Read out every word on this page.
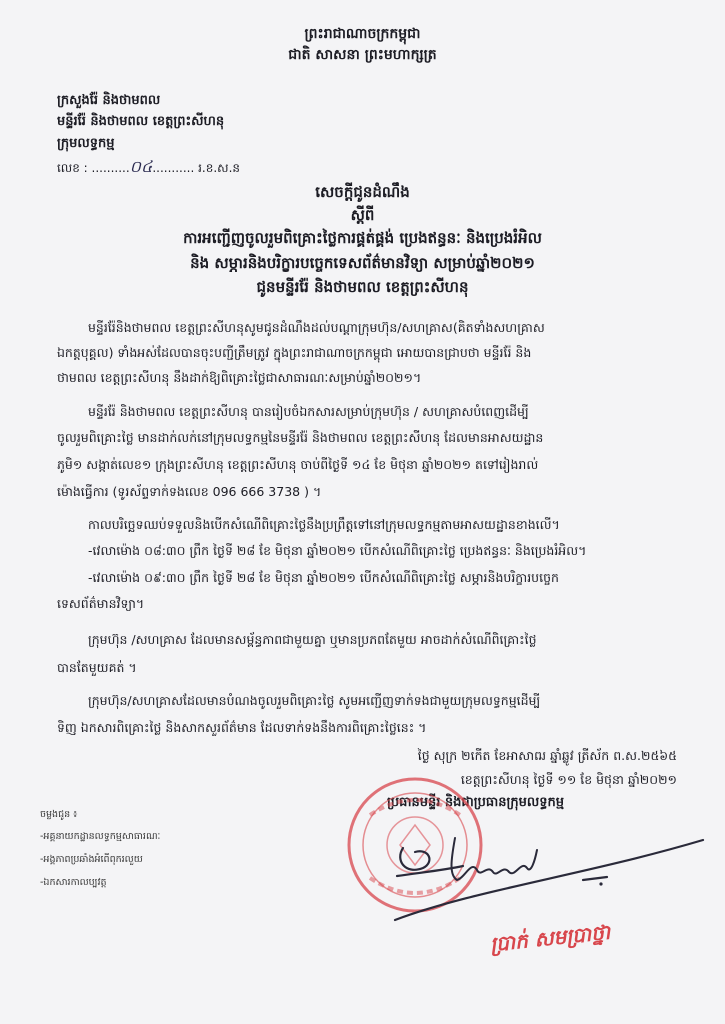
ព្រះរាជាណាចក្រកម្ពុជា
ជាតិ សាសនា ព្រះមហាក្សត្រ
ក្រសួងរ៉ែ និងថាមពល
មន្ទីររ៉ែ និងថាមពល ខេត្តព្រះសីហនុ
ក្រុមលទ្ធកម្ម
លេខ : ..........០៤........... រ.ខ.ស.ន
សេចក្តីជូនដំណឹង
ស្តីពី
ការអញ្ជើញចូលរួមពិគ្រោះថ្លៃការផ្គត់ផ្គង់ ប្រេងឥន្ធនៈ និងប្រេងរំអិល
និង សម្ភារនិងបរិក្ខារបច្ចេកទេសព័ត៌មានវិទ្យា សម្រាប់ឆ្នាំ២០២១
ជូនមន្ទីររ៉ែ និងថាមពល ខេត្តព្រះសីហនុ
មន្ទីររ៉ែនិងថាមពល ខេត្តព្រះសីហនុសូមជូនដំណឹងដល់បណ្តាក្រុមហ៊ុន/សហគ្រាស(គិតទាំងសហគ្រាស
ឯកត្តបុគ្គល) ទាំងអស់ដែលបានចុះបញ្ជីត្រឹមត្រូវ ក្នុងព្រះរាជាណាចក្រកម្ពុជា អោយបានជ្រាបថា មន្ទីររ៉ែ និង
ថាមពល ខេត្តព្រះសីហនុ នឹងដាក់ឱ្យពិគ្រោះថ្លៃជាសាធារណៈសម្រាប់ឆ្នាំ២០២១។
មន្ទីររ៉ែ និងថាមពល ខេត្តព្រះសីហនុ បានរៀបចំឯកសារសម្រាប់ក្រុមហ៊ុន / សហគ្រាសបំពេញដើម្បី
ចូលរួមពិគ្រោះថ្លៃ មានដាក់លក់នៅក្រុមលទ្ធកម្មនៃមន្ទីររ៉ែ និងថាមពល ខេត្តព្រះសីហនុ ដែលមានអាសយដ្ឋាន
ភូមិ១ សង្កាត់លេខ១ ក្រុងព្រះសីហនុ ខេត្តព្រះសីហនុ ចាប់ពីថ្ងៃទី ១៤ ខែ មិថុនា ឆ្នាំ២០២១ តទៅរៀងរាល់
ម៉ោងធ្វើការ (ទូរស័ព្ទទាក់ទងលេខ 096 666 3738 ) ។
កាលបរិច្ឆេទឈប់ទទួលនិងបើកសំណើពិគ្រោះថ្លៃនឹងប្រព្រឹត្តទៅនៅក្រុមលទ្ធកម្មតាមអាសយដ្ឋានខាងលើ។
-វេលាម៉ោង ០៨:៣០ ព្រឹក ថ្ងៃទី ២៨ ខែ មិថុនា ឆ្នាំ២០២១ បើកសំណើពិគ្រោះថ្លៃ ប្រេងឥន្ធនៈ និងប្រេងរំអិល។
-វេលាម៉ោង ០៩:៣០ ព្រឹក ថ្ងៃទី ២៨ ខែ មិថុនា ឆ្នាំ២០២១ បើកសំណើពិគ្រោះថ្លៃ សម្ភារនិងបរិក្ខារបច្ចេក
ទេសព័ត៌មានវិទ្យា។
ក្រុមហ៊ុន /សហគ្រាស ដែលមានសម្ព័ន្ធភាពជាមួយគ្នា ឬមានប្រភពតែមួយ អាចដាក់សំណើពិគ្រោះថ្លៃ
បានតែមួយគត់ ។
ក្រុមហ៊ុន/សហគ្រាសដែលមានបំណងចូលរួមពិគ្រោះថ្លៃ សូមអញ្ជើញទាក់ទងជាមួយក្រុមលទ្ធកម្មដើម្បី
ទិញ ឯកសារពិគ្រោះថ្លៃ និងសាកសួរព័ត៌មាន ដែលទាក់ទងនឹងការពិគ្រោះថ្លៃនេះ ។
ថ្ងៃ សុក្រ ២កើត ខែអាសាឍ ឆ្នាំឆ្លូវ ត្រីស័ក ព.ស.២៥៦៥
ខេត្តព្រះសីហនុ ថ្ងៃទី ១១ ខែ មិថុនា ឆ្នាំ២០២១
ប្រធានមន្ទីរ និងជាប្រធានក្រុមលទ្ធកម្ម
ប្រាក់ សមប្រាថ្នា
ចម្លងជូន ៖
-អគ្គនាយកដ្ឋានលទ្ធកម្មសាធារណៈ
-អង្គភាពប្រឆាំងអំពើពុករលួយ
-ឯកសារកាលប្បវត្ត
